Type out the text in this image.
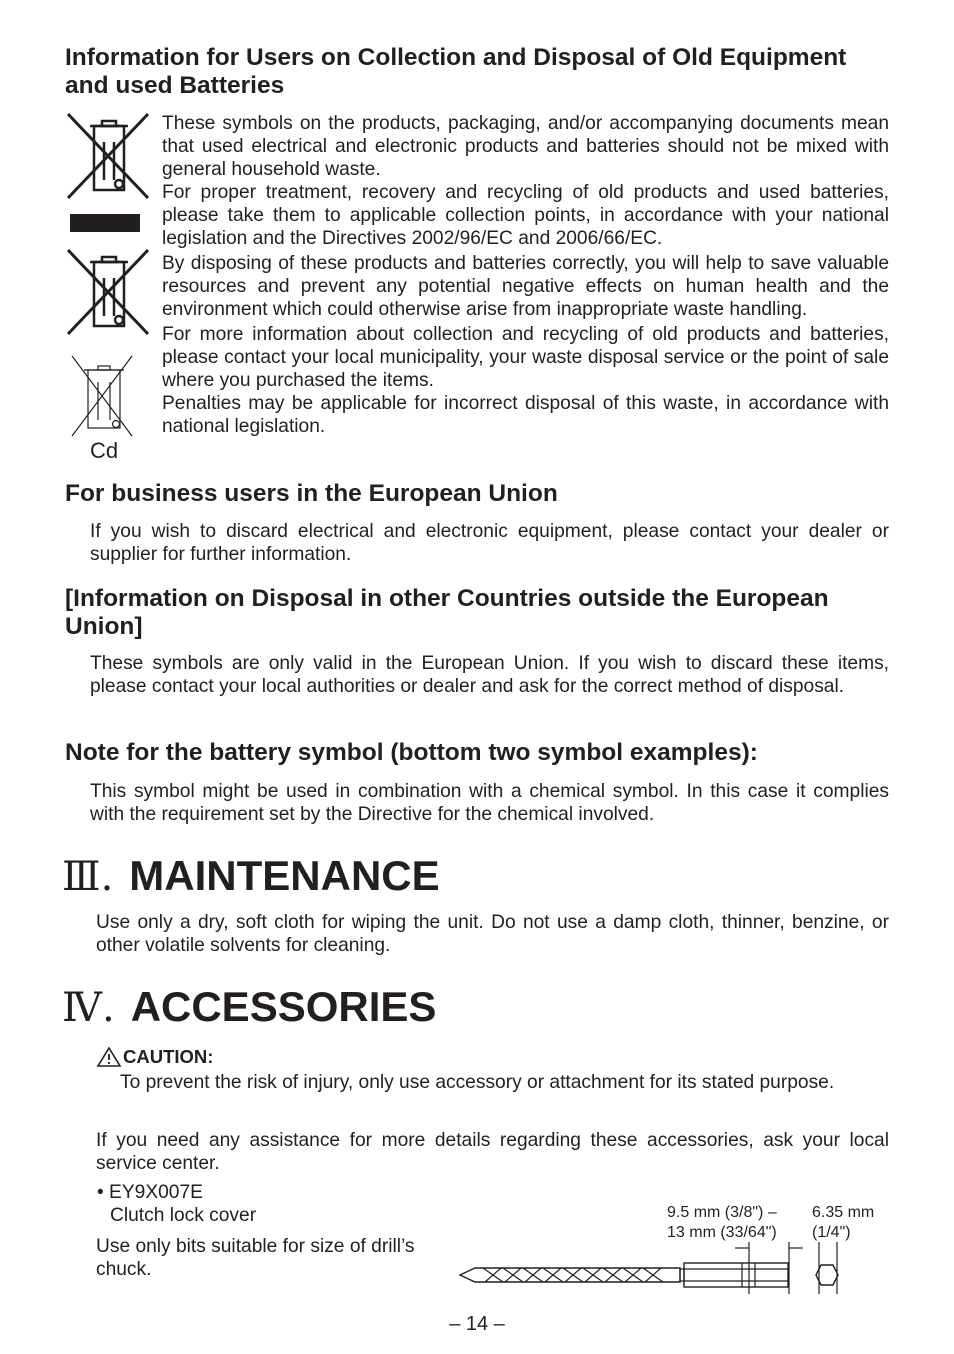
Information for Users on Collection and Disposal of Old Equipment and used Batteries
Cd

These symbols on the products, packaging, and/or accompanying documents mean that used electrical and electronic products and batteries should not be mixed with general household waste.

For proper treatment, recovery and recycling of old products and used batteries, please take them to applicable collection points, in accordance with your national legislation and the Directives 2002/96/EC and 2006/66/EC.

By disposing of these products and batteries correctly, you will help to save valuable resources and prevent any potential negative effects on human health and the environment which could otherwise arise from inappropriate waste handling.

For more information about collection and recycling of old products and batteries, please contact your local municipality, your waste disposal service or the point of sale where you purchased the items.

Penalties may be applicable for incorrect disposal of this waste, in accordance with national legislation.

For business users in the European Union

If you wish to discard electrical and electronic equipment, please contact your dealer or supplier for further information.

[Information on Disposal in other Countries outside the European Union]

These symbols are only valid in the European Union. If you wish to discard these items, please contact your local authorities or dealer and ask for the correct method of disposal.

Note for the battery symbol (bottom two symbol examples):

This symbol might be used in combination with a chemical symbol. In this case it complies with the requirement set by the Directive for the chemical involved.

Ⅲ. MAINTENANCE

Use only a dry, soft cloth for wiping the unit. Do not use a damp cloth, thinner, benzine, or other volatile solvents for cleaning.

Ⅳ. ACCESSORIES
CAUTION:

To prevent the risk of injury, only use accessory or attachment for its stated purpose.

If you need any assistance for more details regarding these accessories, ask your local service center.

• EY9X007E
Clutch lock cover

Use only bits suitable for size of drill’s chuck.

9.5 mm (3/8") –
13 mm (33/64")
6.35 mm
(1/4")
– 14 –
